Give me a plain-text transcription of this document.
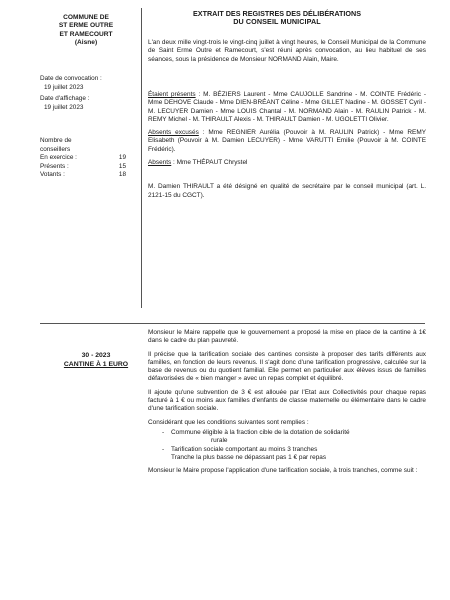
COMMUNE DE
ST ERME OUTRE
ET RAMECOURT
(Aisne)
Date de convocation :
19 juillet 2023
Date d'affichage :
19 juillet 2023
Nombre de
conseillers
En exercice :	19
Présents :	15
Votants :	18
30 - 2023
CANTINE À 1 EURO
EXTRAIT DES REGISTRES DES DÉLIBÉRATIONS
DU CONSEIL MUNICIPAL

L'an deux mille vingt-trois le vingt-cinq juillet à vingt heures, le Conseil Municipal de la Commune de Saint Erme Outre et Ramecourt, s'est réuni après convocation, au lieu habituel de ses séances, sous la présidence de Monsieur NORMAND Alain, Maire.

Étaient présents : M. BÉZIERS Laurent - Mme CAUJOLLE Sandrine - M. COINTE Frédéric - Mme DEHOVE Claude - Mme DIEN-BRÉANT Céline - Mme GILLET Nadine - M. GOSSET Cyril - M. LECUYER Damien - Mme LOUIS Chantal - M. NORMAND Alain - M. RAULIN Patrick - M. REMY Michel - M. THIRAULT Alexis - M. THIRAULT Damien - M. UGOLETTI Olivier.

Absents excusés : Mme REGNIER Aurélia (Pouvoir à M. RAULIN Patrick) - Mme REMY Elisabeth (Pouvoir à M. Damien LECUYER) - Mme VARUTTI Emilie (Pouvoir à M. COINTE Frédéric).

Absents : Mme THÉPAUT Chrystel

M. Damien THIRAULT a été désigné en qualité de secrétaire par le conseil municipal (art. L. 2121-15 du CGCT).

Monsieur le Maire rappelle que le gouvernement a proposé la mise en place de la cantine à 1€ dans le cadre du plan pauvreté.

Il précise que la tarification sociale des cantines consiste à proposer des tarifs différents aux familles, en fonction de leurs revenus. Il s'agit donc d'une tarification progressive, calculée sur la base de revenus ou du quotient familial. Elle permet en particulier aux élèves issus de familles défavorisées de « bien manger » avec un repas complet et équilibré.

Il ajoute qu'une subvention de 3 € est allouée par l'Etat aux Collectivités pour chaque repas facturé à 1 € ou moins aux familles d'enfants de classe maternelle ou élémentaire dans le cadre d'une tarification sociale.

Considérant que les conditions suivantes sont remplies :

- Commune éligible à la fraction cible de la dotation de solidarité
rurale
- Tarification sociale comportant au moins 3 tranches
Tranche la plus basse ne dépassant pas 1 € par repas

Monsieur le Maire propose l'application d'une tarification sociale, à trois tranches, comme suit :
